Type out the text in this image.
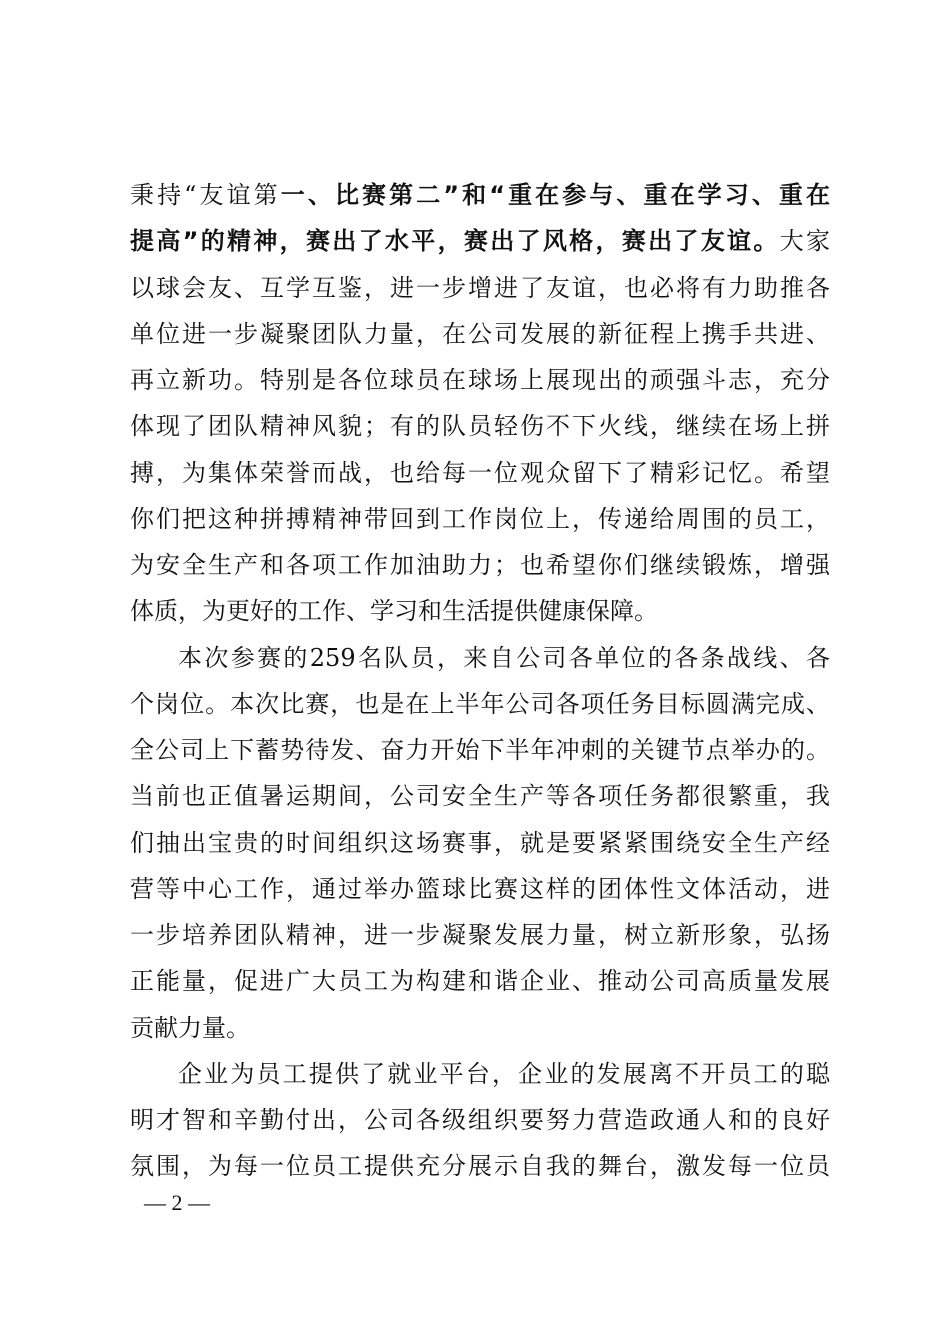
秉持“友谊第一、比赛第二”和“重在参与、重在学习、重在
提高”的精神，赛出了水平，赛出了风格，赛出了友谊。大家
以球会友、互学互鉴，进一步增进了友谊，也必将有力助推各
单位进一步凝聚团队力量，在公司发展的新征程上携手共进、
再立新功。特别是各位球员在球场上展现出的顽强斗志，充分
体现了团队精神风貌；有的队员轻伤不下火线，继续在场上拼
搏，为集体荣誉而战，也给每一位观众留下了精彩记忆。希望
你们把这种拼搏精神带回到工作岗位上，传递给周围的员工，
为安全生产和各项工作加油助力；也希望你们继续锻炼，增强
体质，为更好的工作、学习和生活提供健康保障。
本次参赛的259名队员，来自公司各单位的各条战线、各
个岗位。本次比赛，也是在上半年公司各项任务目标圆满完成、
全公司上下蓄势待发、奋力开始下半年冲刺的关键节点举办的。
当前也正值暑运期间，公司安全生产等各项任务都很繁重，我
们抽出宝贵的时间组织这场赛事，就是要紧紧围绕安全生产经
营等中心工作，通过举办篮球比赛这样的团体性文体活动，进
一步培养团队精神，进一步凝聚发展力量，树立新形象，弘扬
正能量，促进广大员工为构建和谐企业、推动公司高质量发展
贡献力量。
企业为员工提供了就业平台，企业的发展离不开员工的聪
明才智和辛勤付出，公司各级组织要努力营造政通人和的良好
氛围，为每一位员工提供充分展示自我的舞台，激发每一位员
— 2 —
